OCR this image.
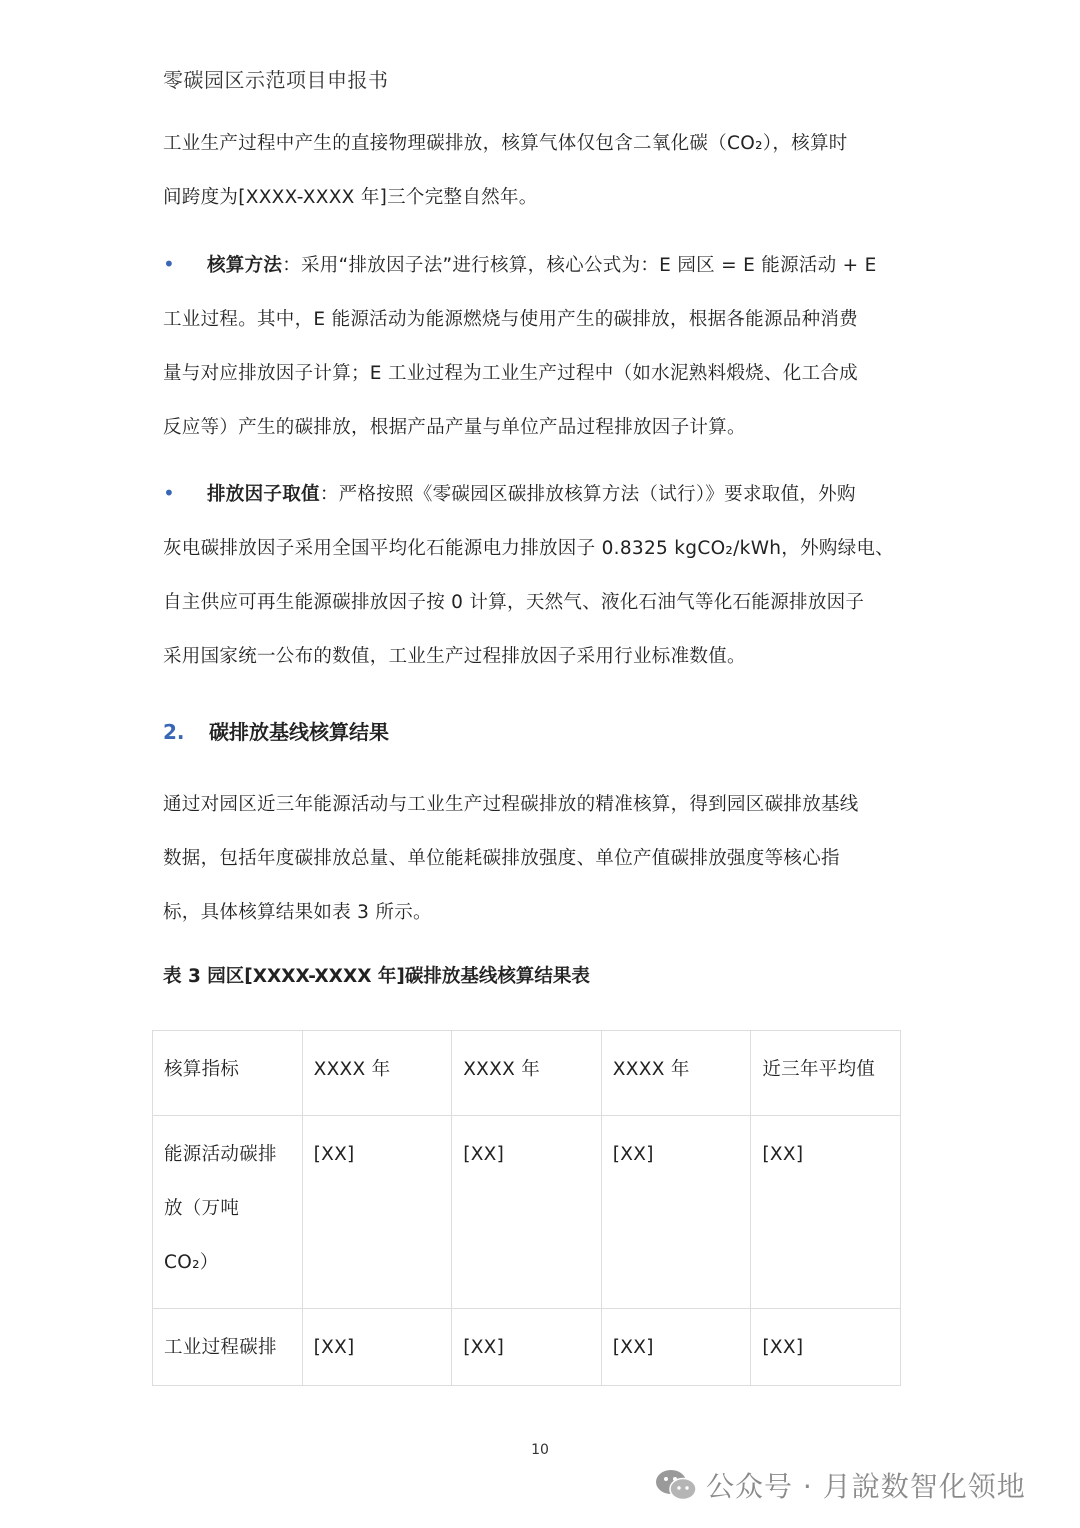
零碳园区示范项目申报书
工业生产过程中产生的直接物理碳排放，核算气体仅包含二氧化碳（CO₂），核算时
间跨度为[XXXX-XXXX 年]三个完整自然年。
• 核算方法：采用“排放因子法”进行核算，核心公式为：E 园区 = E 能源活动 + E
工业过程。其中，E 能源活动为能源燃烧与使用产生的碳排放，根据各能源品种消费
量与对应排放因子计算；E 工业过程为工业生产过程中（如水泥熟料煅烧、化工合成
反应等）产生的碳排放，根据产品产量与单位产品过程排放因子计算。
• 排放因子取值：严格按照《零碳园区碳排放核算方法（试行）》要求取值，外购
灰电碳排放因子采用全国平均化石能源电力排放因子 0.8325 kgCO₂/kWh，外购绿电、
自主供应可再生能源碳排放因子按 0 计算，天然气、液化石油气等化石能源排放因子
采用国家统一公布的数值，工业生产过程排放因子采用行业标准数值。
2. 碳排放基线核算结果
通过对园区近三年能源活动与工业生产过程碳排放的精准核算，得到园区碳排放基线
数据，包括年度碳排放总量、单位能耗碳排放强度、单位产值碳排放强度等核心指
标，具体核算结果如表 3 所示。
表 3 园区[XXXX-XXXX 年]碳排放基线核算结果表
核算指标	XXXX 年	XXXX 年	XXXX 年	近三年平均值

能源活动碳排
放（万吨
CO₂）	[XX]	[XX]	[XX]	[XX]

工业过程碳排	[XX]	[XX]	[XX]	[XX]
10
公众号 · 月說数智化领地
